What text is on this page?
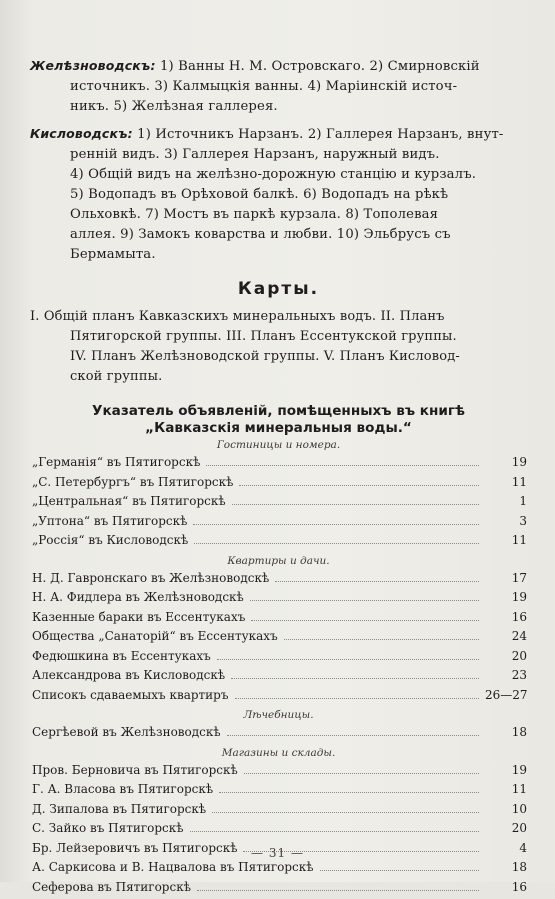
Желѣзноводскъ: 1) Ванны Н. М. Островскаго. 2) Смирновскій
источникъ. 3) Калмыцкія ванны. 4) Маріинскій источ-
никъ. 5) Желѣзная галлерея.
Кисловодскъ: 1) Источникъ Нарзанъ. 2) Галлерея Нарзанъ, внут-
ренній видъ. 3) Галлерея Нарзанъ, наружный видъ.
4) Общій видъ на желѣзно-дорожную станцію и курзалъ.
5) Водопадъ въ Орѣховой балкѣ. 6) Водопадъ на рѣкѣ
Ольховкѣ. 7) Мостъ въ паркѣ курзала. 8) Тополевая
аллея. 9) Замокъ коварства и любви. 10) Эльбрусъ съ
Бермамыта.
Карты.
I. Общій планъ Кавказскихъ минеральныхъ водъ. II. Планъ
Пятигорской группы. III. Планъ Ессентукской группы.
IV. Планъ Желѣзноводской группы. V. Планъ Кисловод-
ской группы.
Указатель объявленій, помѣщенныхъ въ книгѣ
„Кавказскія минеральныя воды.“
Гостиницы и номера.
„Германія“ въ Пятигорскѣ	19
„С. Петербургъ“ въ Пятигорскѣ	11
„Центральная“ въ Пятигорскѣ	1
„Уптона“ въ Пятигорскѣ	3
„Россія“ въ Кисловодскѣ	11
Квартиры и дачи.
Н. Д. Гавронскаго въ Желѣзноводскѣ	17
Н. А. Фидлера въ Желѣзноводскѣ	19
Казенные бараки въ Ессентукахъ	16
Общества „Санаторій“ въ Ессентукахъ	24
Федюшкина въ Ессентукахъ	20
Александрова въ Кисловодскѣ	23
Списокъ сдаваемыхъ квартиръ	26—27
Лѣчебницы.
Сергѣевой въ Желѣзноводскѣ	18
Магазины и склады.
Пров. Берновича въ Пятигорскѣ	19
Г. А. Власова въ Пятигорскѣ	11
Д. Зипалова въ Пятигорскѣ	10
С. Зайко въ Пятигорскѣ	20
Бр. Лейзеровичъ въ Пятигорскѣ	4
А. Саркисова и В. Нацвалова въ Пятигорскѣ	18
Сеферова въ Пятигорскѣ	16
— 31 —
